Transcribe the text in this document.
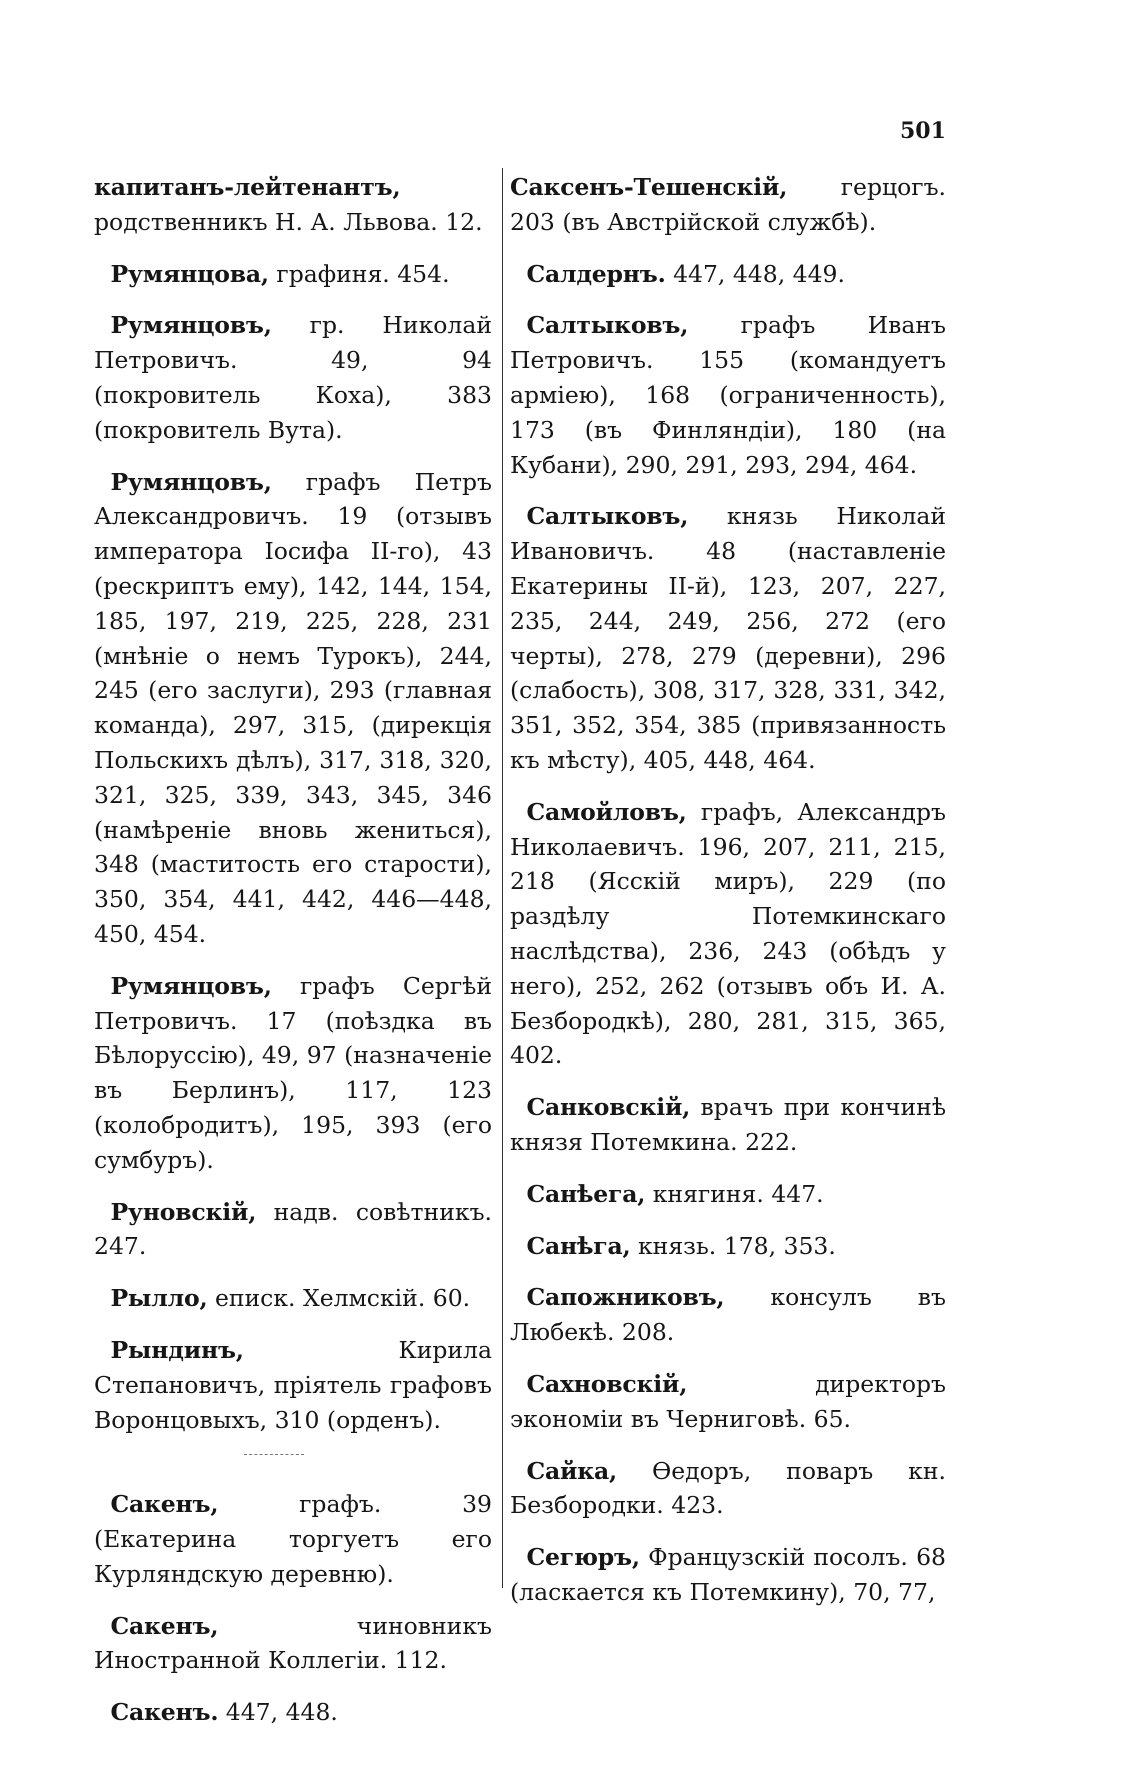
501

капитанъ-лейтенантъ, родственникъ Н. А. Львова. 12.

Румянцова, графиня. 454.

Румянцовъ, гр. Николай Петровичъ. 49, 94 (покровитель Коха), 383 (покровитель Вута).

Румянцовъ, графъ Петръ Александровичъ. 19 (отзывъ императора Іосифа II-го), 43 (рескриптъ ему), 142, 144, 154, 185, 197, 219, 225, 228, 231 (мнѣніе о немъ Турокъ), 244, 245 (его заслуги), 293 (главная команда), 297, 315, (дирекція Польскихъ дѣлъ), 317, 318, 320, 321, 325, 339, 343, 345, 346 (намѣреніе вновь жениться), 348 (маститость его старости), 350, 354, 441, 442, 446—448, 450, 454.

Румянцовъ, графъ Сергѣй Петровичъ. 17 (поѣздка въ Бѣлоруссію), 49, 97 (назначеніе въ Берлинъ), 117, 123 (колобродитъ), 195, 393 (его сумбуръ).

Руновскій, надв. совѣтникъ. 247.

Рылло, епиcк. Хелмскій. 60.

Рындинъ, Кирила Степановичъ, пріятель графовъ Воронцовыхъ, 310 (орденъ).

Сакенъ, графъ. 39 (Екатерина торгуетъ его Курляндскую деревню).

Сакенъ, чиновникъ Иностранной Коллегіи. 112.

Сакенъ. 447, 448.

Саксенъ-Тешенскій, герцогъ. 203 (въ Австрійской службѣ).

Салдернъ. 447, 448, 449.

Салтыковъ, графъ Иванъ Петровичъ. 155 (командуетъ арміею), 168 (ограниченность), 173 (въ Финляндіи), 180 (на Кубани), 290, 291, 293, 294, 464.

Салтыковъ, князь Николай Ивановичъ. 48 (наставленіе Екатерины II-й), 123, 207, 227, 235, 244, 249, 256, 272 (его черты), 278, 279 (деревни), 296 (слабость), 308, 317, 328, 331, 342, 351, 352, 354, 385 (привязанность къ мѣсту), 405, 448, 464.

Самойловъ, графъ, Александръ Николаевичъ. 196, 207, 211, 215, 218 (Ясскій миръ), 229 (по раздѣлу Потемкинскаго наслѣдства), 236, 243 (обѣдъ у него), 252, 262 (отзывъ объ И. А. Безбородкѣ), 280, 281, 315, 365, 402.

Санковскій, врачъ при кончинѣ князя Потемкина. 222.

Санѣега, княгиня. 447.

Санѣга, князь. 178, 353.

Сапожниковъ, консулъ въ Любекѣ. 208.

Сахновскій, директоръ экономіи въ Черниговѣ. 65.

Сайка, Ѳедоръ, поваръ кн. Безбородки. 423.

Сегюръ, Французскій посолъ. 68 (ласкается къ Потемкину), 70, 77,
